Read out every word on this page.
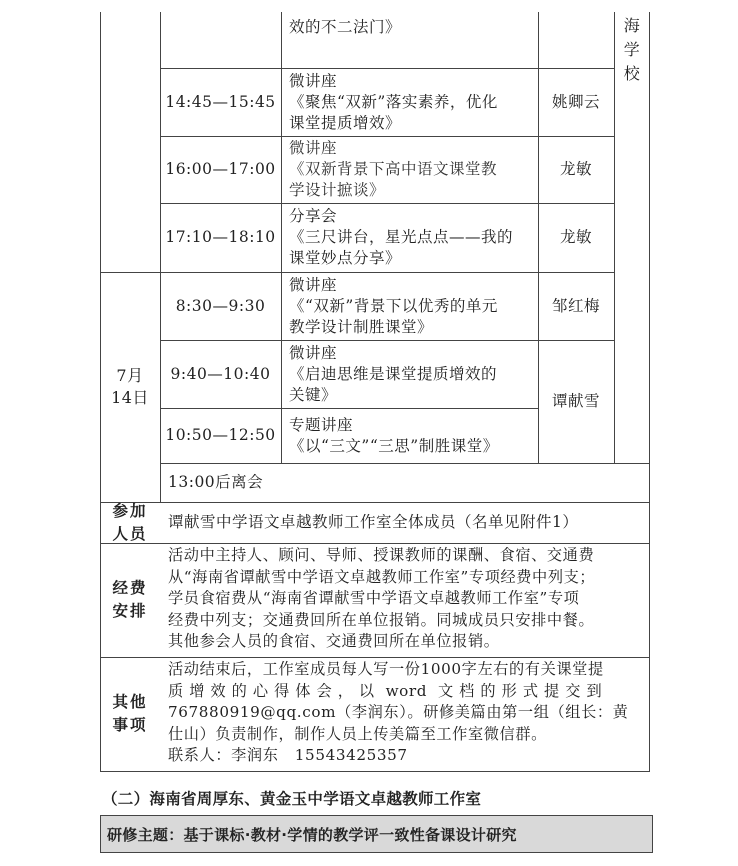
海
学
校
效的不二法门》
14:45—15:45
微讲座
《聚焦“双新”落实素养，优化
课堂提质增效》
姚卿云
16:00—17:00
微讲座
《双新背景下高中语文课堂教
学设计摭谈》
龙敏
17:10—18:10
分享会
《三尺讲台，星光点点——我的
课堂妙点分享》
龙敏
7月
14日
8:30—9:30
微讲座
《“双新”背景下以优秀的单元
教学设计制胜课堂》
邹红梅
9:40—10:40
微讲座
《启迪思维是课堂提质增效的
关键》	谭献雪
10:50—12:50
专题讲座
《以“三文”“三思”制胜课堂》
13:00后离会
参加
人员
谭献雪中学语文卓越教师工作室全体成员（名单见附件1）
经费
安排
活动中主持人、顾问、导师、授课教师的课酬、食宿、交通费
从“海南省谭献雪中学语文卓越教师工作室”专项经费中列支；
学员食宿费从“海南省谭献雪中学语文卓越教师工作室”专项
经费中列支；交通费回所在单位报销。同城成员只安排中餐。
其他参会人员的食宿、交通费回所在单位报销。
其他
事项
活动结束后，工作室成员每人写一份1000字左右的有关课堂提
质 增 效 的 心 得 体 会 ， 以  word  文 档 的 形 式 提 交 到
767880919@qq.com（李润东）。研修美篇由第一组（组长：黄
仕山）负责制作，制作人员上传美篇至工作室微信群。
联系人：李润东   15543425357
（二）海南省周厚东、黄金玉中学语文卓越教师工作室
研修主题：基于课标·教材·学情的教学评一致性备课设计研究
